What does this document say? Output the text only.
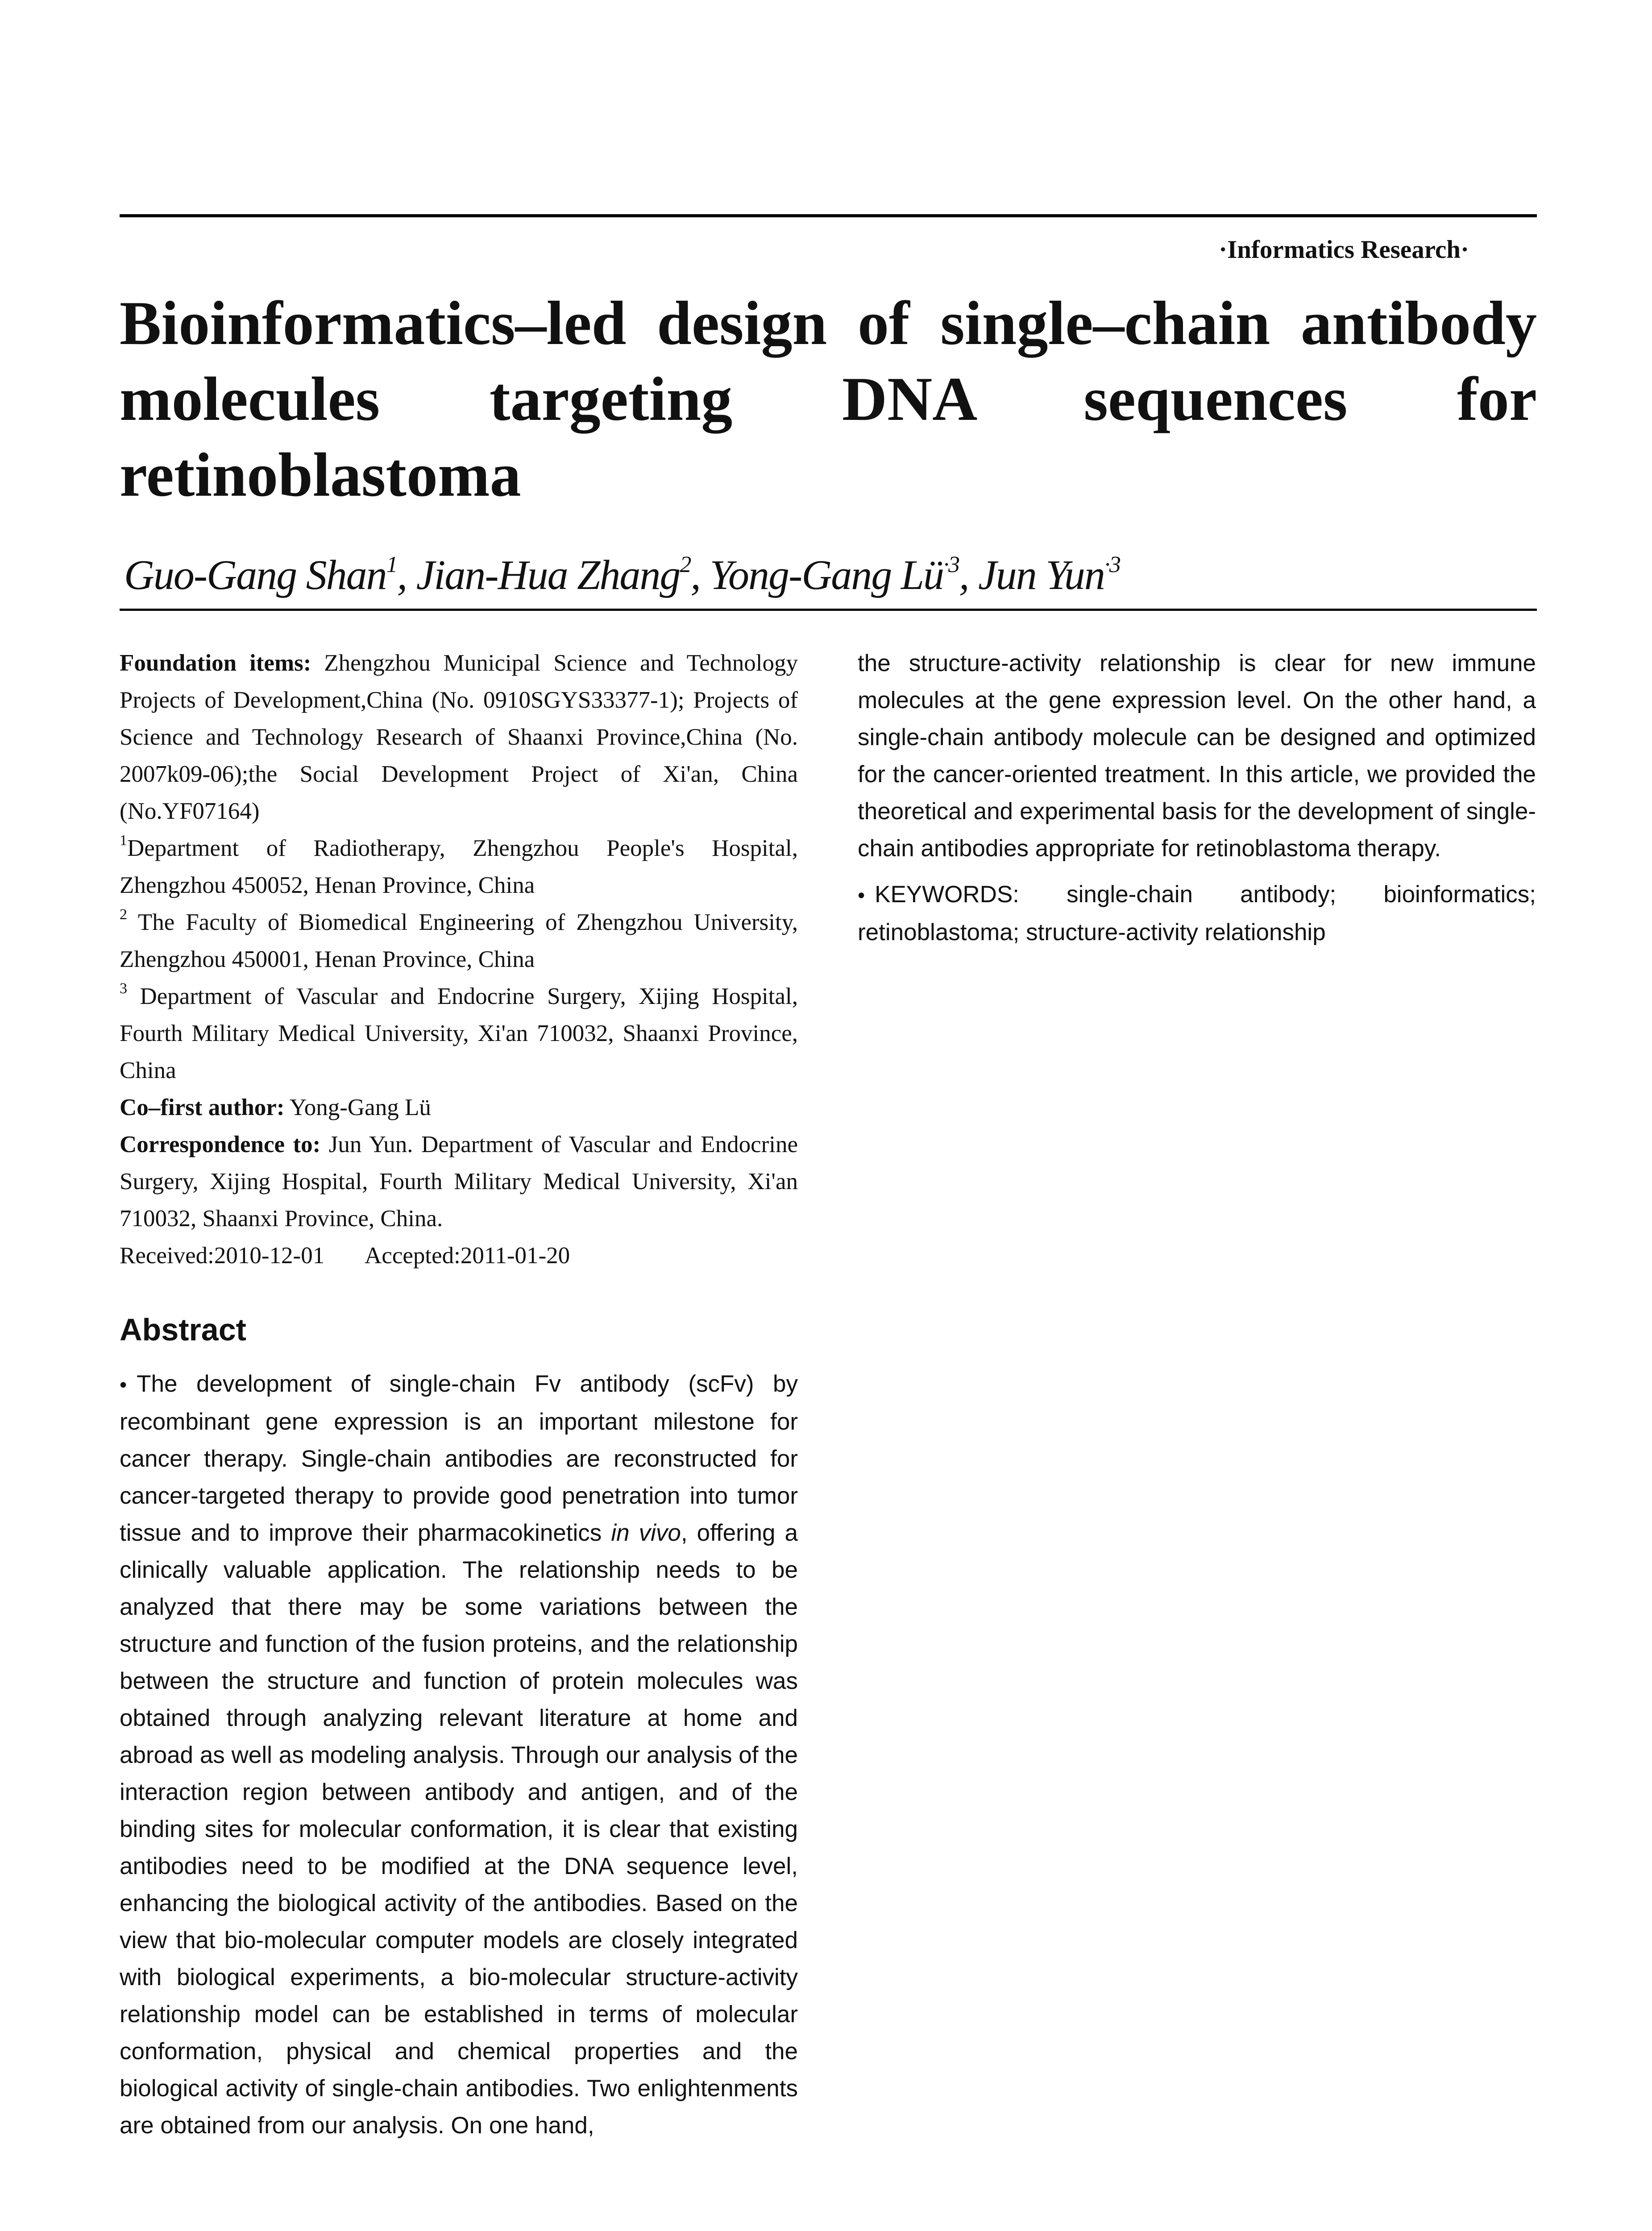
·Informatics Research·
Bioinformatics–led design of single–chain antibody molecules targeting DNA sequences for retinoblastoma
Guo-Gang Shan$^1$, Jian-Hua Zhang$^2$, Yong-Gang $Lü^{\cdot 3}$, Jun Yun$^{\cdot 3}$

Foundation items: Zhengzhou Municipal Science and Technology Projects of Development,China (No. 0910SGYS33377-1); Projects of Science and Technology Research of Shaanxi Province,China (No. 2007k09-06);the Social Development Project of Xi'an, China (No.YF07164)

$^1$Department of Radiotherapy, Zhengzhou People's Hospital, Zhengzhou 450052, Henan Province, China

$^2$ The Faculty of Biomedical Engineering of Zhengzhou University, Zhengzhou 450001, Henan Province, China

$^3$ Department of Vascular and Endocrine Surgery, Xijing Hospital, Fourth Military Medical University, Xi'an 710032, Shaanxi Province, China

Co–first author: Yong-Gang Lü

Correspondence to: Jun Yun. Department of Vascular and Endocrine Surgery, Xijing Hospital, Fourth Military Medical University, Xi'an 710032, Shaanxi Province, China.

Received:2010-12-01 Accepted:2011-01-20

Abstract

• The development of single-chain Fv antibody (scFv) by recombinant gene expression is an important milestone for cancer therapy. Single-chain antibodies are reconstructed for cancer-targeted therapy to provide good penetration into tumor tissue and to improve their pharmacokinetics in vivo, offering a clinically valuable application. The relationship needs to be analyzed that there may be some variations between the structure and function of the fusion proteins, and the relationship between the structure and function of protein molecules was obtained through analyzing relevant literature at home and abroad as well as modeling analysis. Through our analysis of the interaction region between antibody and antigen, and of the binding sites for molecular conformation, it is clear that existing antibodies need to be modified at the DNA sequence level, enhancing the biological activity of the antibodies. Based on the view that bio-molecular computer models are closely integrated with biological experiments, a bio-molecular structure-activity relationship model can be established in terms of molecular conformation, physical and chemical properties and the biological activity of single-chain antibodies. Two enlightenments are obtained from our analysis. On one hand,

the structure-activity relationship is clear for new immune molecules at the gene expression level. On the other hand, a single-chain antibody molecule can be designed and optimized for the cancer-oriented treatment. In this article, we provided the theoretical and experimental basis for the development of single-chain antibodies appropriate for retinoblastoma therapy.

• KEYWORDS: single-chain antibody; bioinformatics; retinoblastoma; structure-activity relationship
